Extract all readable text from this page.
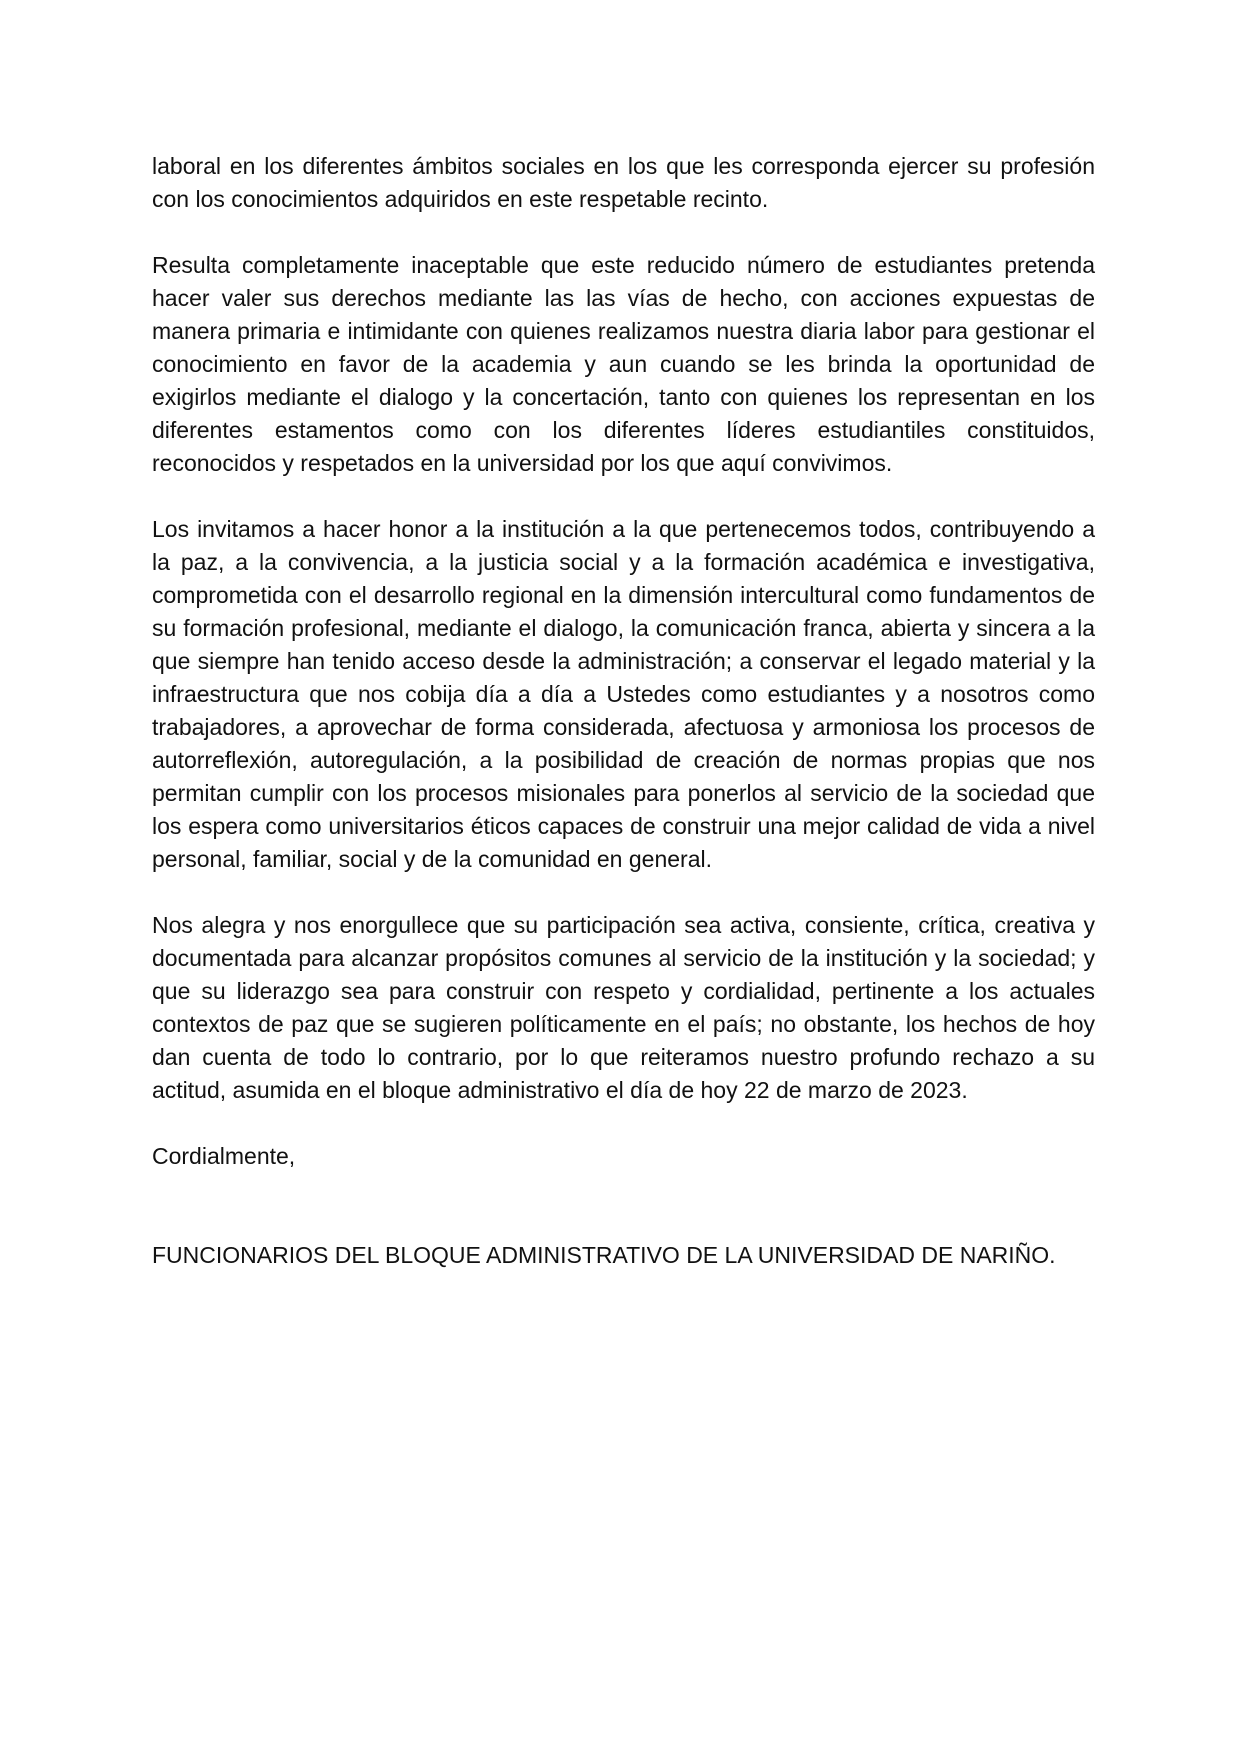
laboral en los diferentes ámbitos sociales en los que les corresponda ejercer su profesión con los conocimientos adquiridos en este respetable recinto.

Resulta completamente inaceptable que este reducido número de estudiantes pretenda hacer valer sus derechos mediante las las vías de hecho, con acciones expuestas de manera primaria e intimidante con quienes realizamos nuestra diaria labor para gestionar el conocimiento en favor de la academia y aun cuando se les brinda la oportunidad de exigirlos mediante el dialogo y la concertación, tanto con quienes los representan en los diferentes estamentos como con los diferentes líderes estudiantiles constituidos, reconocidos y respetados en la universidad por los que aquí convivimos.

Los invitamos a hacer honor a la institución a la que pertenecemos todos, contribuyendo a la paz, a la convivencia, a la justicia social y a la formación académica e investigativa, comprometida con el desarrollo regional en la dimensión intercultural como fundamentos de su formación profesional, mediante el dialogo, la comunicación franca, abierta y sincera a la que siempre han tenido acceso desde la administración; a conservar el legado material y la infraestructura que nos cobija día a día a Ustedes como estudiantes y a nosotros como trabajadores, a aprovechar de forma considerada, afectuosa y armoniosa los procesos de autorreflexión, autoregulación, a la posibilidad de creación de normas propias que nos permitan cumplir con los procesos misionales para ponerlos al servicio de la sociedad que los espera como universitarios éticos capaces de construir una mejor calidad de vida a nivel personal, familiar, social y de la comunidad en general.

Nos alegra y nos enorgullece que su participación sea activa, consiente, crítica, creativa y documentada para alcanzar propósitos comunes al servicio de la institución y la sociedad; y que su liderazgo sea para construir con respeto y cordialidad, pertinente a los actuales contextos de paz que se sugieren políticamente en el país; no obstante, los hechos de hoy dan cuenta de todo lo contrario, por lo que reiteramos nuestro profundo rechazo a su actitud, asumida en el bloque administrativo el día de hoy 22 de marzo de 2023.

Cordialmente,

FUNCIONARIOS DEL BLOQUE ADMINISTRATIVO DE LA UNIVERSIDAD DE NARIÑO.
